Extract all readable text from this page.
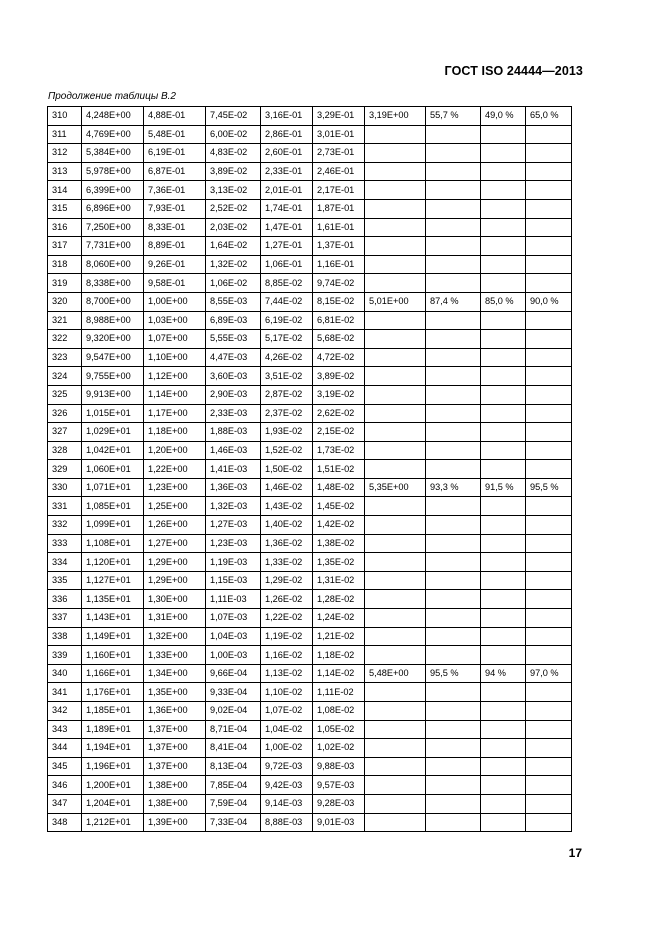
ГОСТ ISO 24444—2013
Продолжение таблицы В.2
310	4,248E+00	4,88E-01	7,45E-02	3,16E-01	3,29E-01	3,19E+00	55,7 %	49,0 %	65,0 %
311	4,769E+00	5,48E-01	6,00E-02	2,86E-01	3,01E-01				
312	5,384E+00	6,19E-01	4,83E-02	2,60E-01	2,73E-01				
313	5,978E+00	6,87E-01	3,89E-02	2,33E-01	2,46E-01				
314	6,399E+00	7,36E-01	3,13E-02	2,01E-01	2,17E-01				
315	6,896E+00	7,93E-01	2,52E-02	1,74E-01	1,87E-01				
316	7,250E+00	8,33E-01	2,03E-02	1,47E-01	1,61E-01				
317	7,731E+00	8,89E-01	1,64E-02	1,27E-01	1,37E-01				
318	8,060E+00	9,26E-01	1,32E-02	1,06E-01	1,16E-01				
319	8,338E+00	9,58E-01	1,06E-02	8,85E-02	9,74E-02				
320	8,700E+00	1,00E+00	8,55E-03	7,44E-02	8,15E-02	5,01E+00	87,4 %	85,0 %	90,0 %
321	8,988E+00	1,03E+00	6,89E-03	6,19E-02	6,81E-02				
322	9,320E+00	1,07E+00	5,55E-03	5,17E-02	5,68E-02				
323	9,547E+00	1,10E+00	4,47E-03	4,26E-02	4,72E-02				
324	9,755E+00	1,12E+00	3,60E-03	3,51E-02	3,89E-02				
325	9,913E+00	1,14E+00	2,90E-03	2,87E-02	3,19E-02				
326	1,015E+01	1,17E+00	2,33E-03	2,37E-02	2,62E-02				
327	1,029E+01	1,18E+00	1,88E-03	1,93E-02	2,15E-02				
328	1,042E+01	1,20E+00	1,46E-03	1,52E-02	1,73E-02				
329	1,060E+01	1,22E+00	1,41E-03	1,50E-02	1,51E-02				
330	1,071E+01	1,23E+00	1,36E-03	1,46E-02	1,48E-02	5,35E+00	93,3 %	91,5 %	95,5 %
331	1,085E+01	1,25E+00	1,32E-03	1,43E-02	1,45E-02				
332	1,099E+01	1,26E+00	1,27E-03	1,40E-02	1,42E-02				
333	1,108E+01	1,27E+00	1,23E-03	1,36E-02	1,38E-02				
334	1,120E+01	1,29E+00	1,19E-03	1,33E-02	1,35E-02				
335	1,127E+01	1,29E+00	1,15E-03	1,29E-02	1,31E-02				
336	1,135E+01	1,30E+00	1,11E-03	1,26E-02	1,28E-02				
337	1,143E+01	1,31E+00	1,07E-03	1,22E-02	1,24E-02				
338	1,149E+01	1,32E+00	1,04E-03	1,19E-02	1,21E-02				
339	1,160E+01	1,33E+00	1,00E-03	1,16E-02	1,18E-02				
340	1,166E+01	1,34E+00	9,66E-04	1,13E-02	1,14E-02	5,48E+00	95,5 %	94 %	97,0 %
341	1,176E+01	1,35E+00	9,33E-04	1,10E-02	1,11E-02				
342	1,185E+01	1,36E+00	9,02E-04	1,07E-02	1,08E-02				
343	1,189E+01	1,37E+00	8,71E-04	1,04E-02	1,05E-02				
344	1,194E+01	1,37E+00	8,41E-04	1,00E-02	1,02E-02				
345	1,196E+01	1,37E+00	8,13E-04	9,72E-03	9,88E-03				
346	1,200E+01	1,38E+00	7,85E-04	9,42E-03	9,57E-03				
347	1,204E+01	1,38E+00	7,59E-04	9,14E-03	9,28E-03				
348	1,212E+01	1,39E+00	7,33E-04	8,88E-03	9,01E-03				
17
